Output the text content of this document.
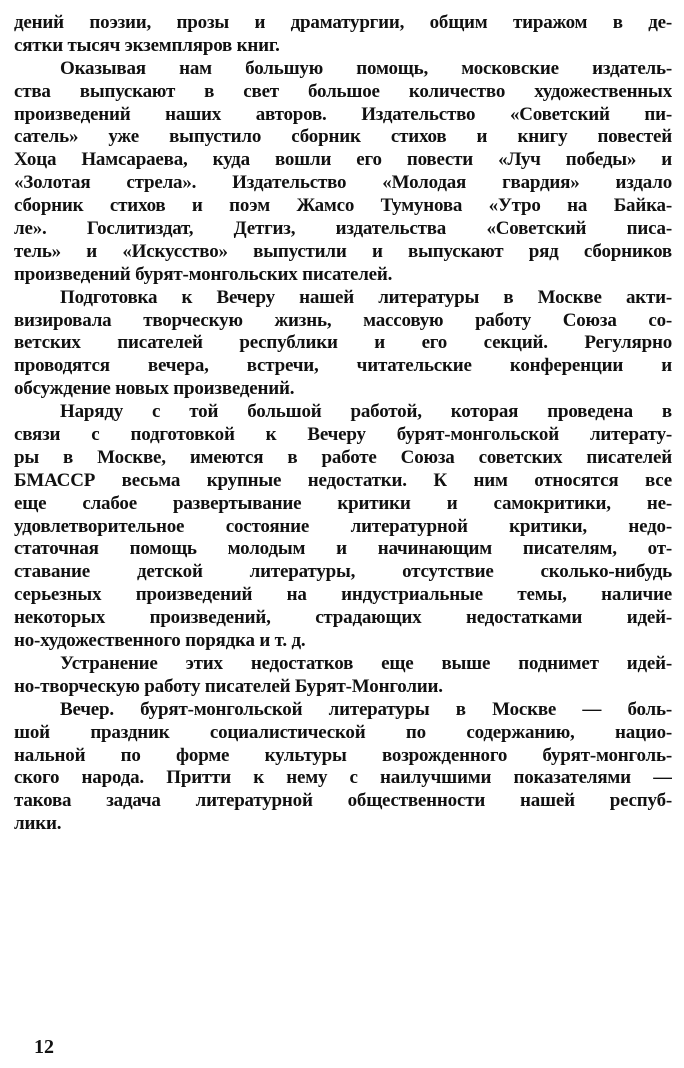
дений поэзии, прозы и драматургии, общим тиражом в де-
сятки тысяч экземпляров книг.
Оказывая нам большую помощь, московские издатель-
ства выпускают в свет большое количество художественных
произведений наших авторов. Издательство «Советский пи-
сатель» уже выпустило сборник стихов и книгу повестей
Хоца Намсараева, куда вошли его повести «Луч победы» и
«Золотая стрела». Издательство «Молодая гвардия» издало
сборник стихов и поэм Жамсо Тумунова «Утро на Байка-
ле». Гослитиздат, Детгиз, издательства «Советский писа-
тель» и «Искусство» выпустили и выпускают ряд сборников
произведений бурят-монгольских писателей.
Подготовка к Вечеру нашей литературы в Москве акти-
визировала творческую жизнь, массовую работу Союза со-
ветских писателей республики и его секций. Регулярно
проводятся вечера, встречи, читательские конференции и
обсуждение новых произведений.
Наряду с той большой работой, которая проведена в
связи с подготовкой к Вечеру бурят-монгольской литерату-
ры в Москве, имеются в работе Союза советских писателей
БМАССР весьма крупные недостатки. К ним относятся все
еще слабое развертывание критики и самокритики, не-
удовлетворительное состояние литературной критики, недо-
статочная помощь молодым и начинающим писателям, от-
ставание детской литературы, отсутствие сколько-нибудь
серьезных произведений на индустриальные темы, наличие
некоторых произведений, страдающих недостатками идей-
но-художественного порядка и т. д.
Устранение этих недостатков еще выше поднимет идей-
но-творческую работу писателей Бурят-Монголии.
Вечер. бурят-монгольской литературы в Москве — боль-
шой праздник социалистической по содержанию, нацио-
нальной по форме культуры возрожденного бурят-монголь-
ского народа. Притти к нему с наилучшими показателями —
такова задача литературной общественности нашей респуб-
лики.
12
